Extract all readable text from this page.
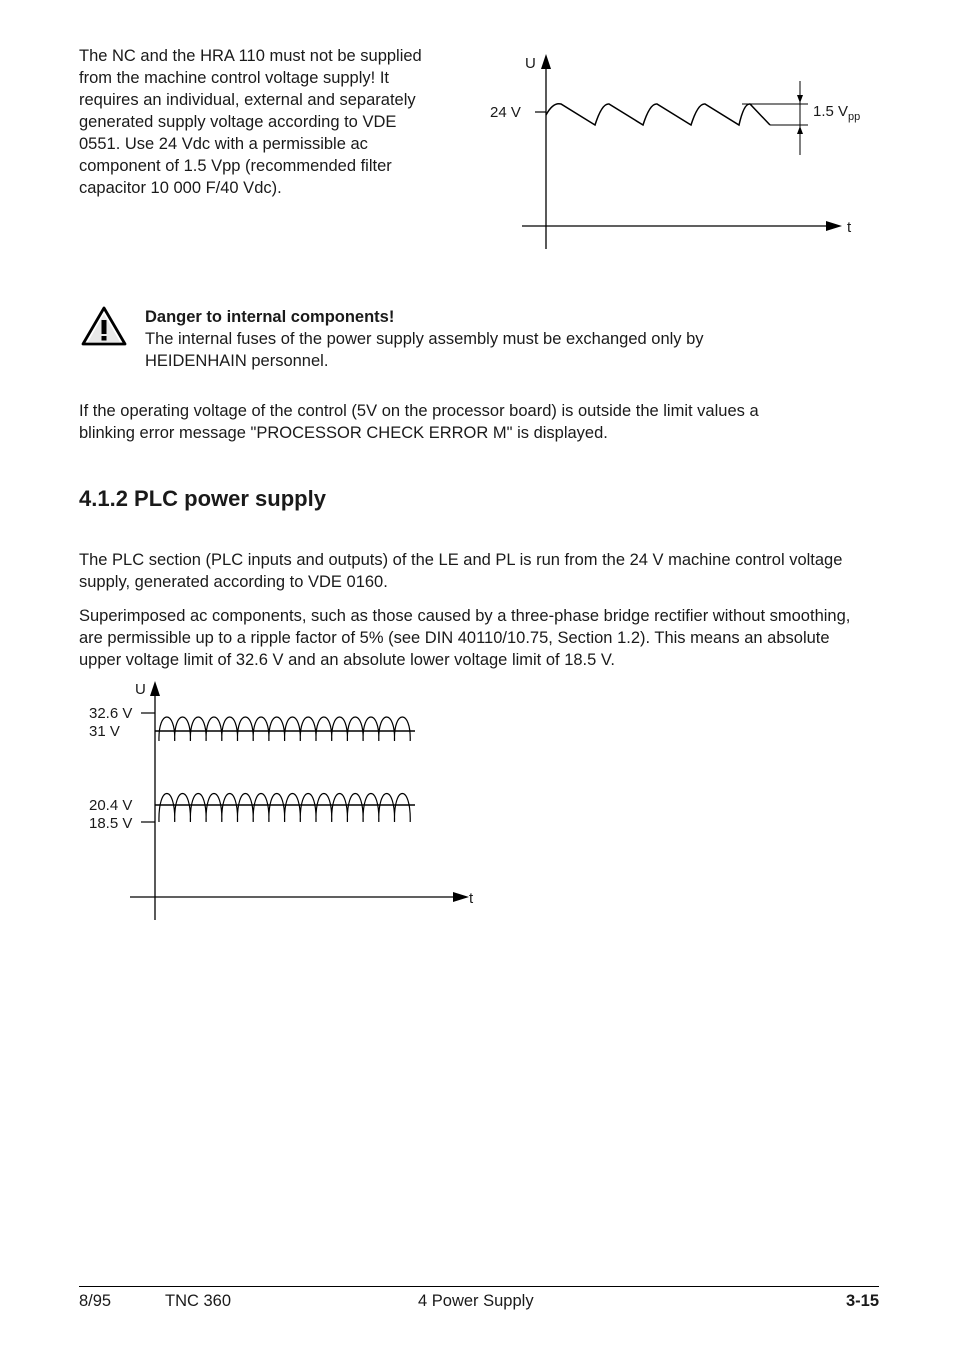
The NC and the HRA 110 must not be supplied
from the machine control voltage supply! It
requires an individual, external and separately
generated supply voltage according to VDE
0551. Use 24 Vdc with a permissible ac
component of 1.5 Vpp (recommended filter
capacitor 10 000 F/40 Vdc).
U
t
24 V	1.5 $V_{pp}$
Danger to internal components!
The internal fuses of the power supply assembly must be exchanged only by
HEIDENHAIN personnel.
If the operating voltage of the control (5V on the processor board) is outside the limit values a
blinking error message "PROCESSOR CHECK ERROR M" is displayed.
4.1.2 PLC power supply
The PLC section (PLC inputs and outputs) of the LE and PL is run from the 24 V machine control voltage
supply, generated according to VDE 0160.
Superimposed ac components, such as those caused by a three-phase bridge rectifier without smoothing,
are permissible up to a ripple factor of 5% (see DIN 40110/10.75, Section 1.2). This means an absolute
upper voltage limit of 32.6 V and an absolute lower voltage limit of 18.5 V.
U
t
32.6 V
31 V
20.4 V
18.5 V
8/95	TNC 360	4 Power Supply	3-15
